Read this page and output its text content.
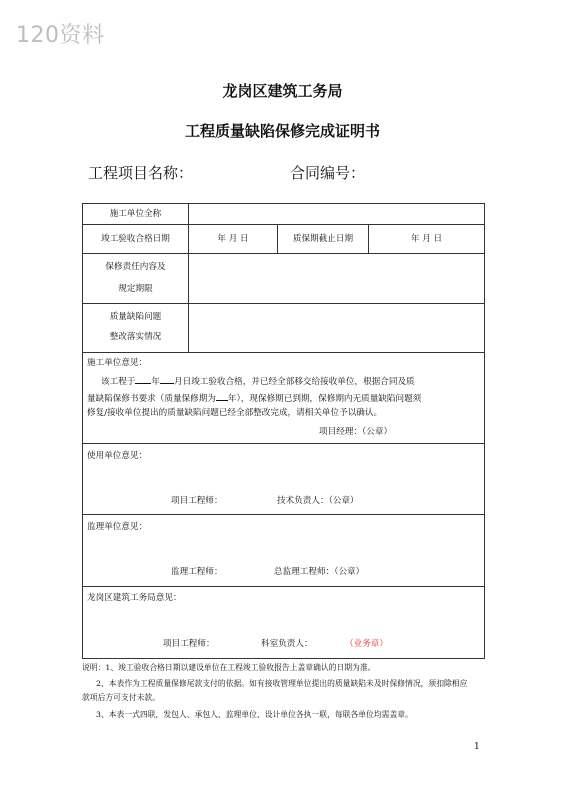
120资料
龙岗区建筑工务局
工程质量缺陷保修完成证明书
工程项目名称：	合同编号：
施工单位全称
竣工验收合格日期	年 月 日	质保期截止日期	年 月 日
保修责任内容及
规定期限
质量缺陷问题
整改落实情况
施工单位意见：
该工程于 年 月日竣工验收合格，并已经全部移交给接收单位，根据合同及质
量缺陷保修书要求（质量保修期为 年），现保修期已到期，保修期内无质量缺陷问题须
修复/接收单位提出的质量缺陷问题已经全部整改完成，请相关单位予以确认。
项目经理：（公章）
使用单位意见：
项目工程师：	技术负责人：（公章）
监理单位意见：
监理工程师：	总监理工程师：（公章）
龙岗区建筑工务局意见：
项目工程师：	科室负责人：	（业务章）
说明：1、竣工验收合格日期以建设单位在工程竣工验收报告上盖章确认的日期为准。
2、本表作为工程质量保修尾款支付的依据。如有接收管理单位提出的质量缺陷未及时保修情况，须扣除相应款项后方可支付未款。
3、本表一式四联，发包人、承包人、监理单位、设计单位各执一联，每联各单位均需盖章。
1
